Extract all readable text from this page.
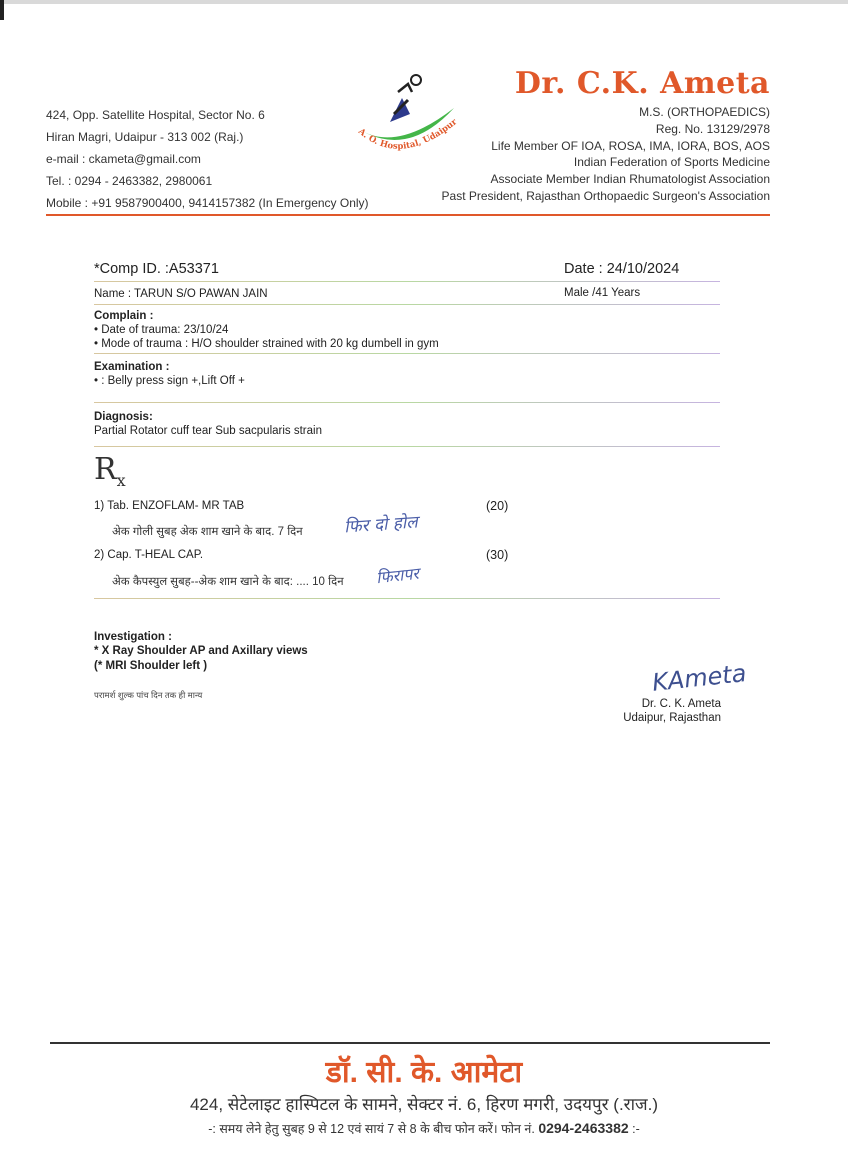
424, Opp. Satellite Hospital, Sector No. 6
Hiran Magri, Udaipur - 313 002 (Raj.)
e-mail : ckameta@gmail.com
Tel. : 0294 - 2463382, 2980061
Mobile : +91 9587900400, 9414157382 (In Emergency Only)
A. O. Hospital, Udaipur
Dr. C.K. Ameta
M.S. (ORTHOPAEDICS)
Reg. No. 13129/2978
Life Member OF IOA, ROSA, IMA, IORA, BOS, AOS
Indian Federation of Sports Medicine
Associate Member Indian Rhumatologist Association
Past President, Rajasthan Orthopaedic Surgeon's Association
*Comp ID. :A53371	Date : 24/10/2024
Name : TARUN S/O PAWAN JAIN	Male /41 Years
Complain :
• Date of trauma: 23/10/24
• Mode of trauma : H/O shoulder strained with 20 kg dumbell in gym
Examination :
• : Belly press sign +,Lift Off +
Diagnosis:
Partial Rotator cuff tear Sub sacpularis strain
$R_x$
1) Tab. ENZOFLAM- MR TAB	(20)
अेक गोली सुबह अेक शाम खाने के बाद. 7 दिन फिर दो होल
2) Cap. T-HEAL CAP.	(30)
अेक कैपस्युल सुबह--अेक शाम खाने के बाद: .... 10 दिन फिरापर
Investigation :
* X Ray Shoulder AP and Axillary views
(* MRI Shoulder left )
परामर्श शुल्क पांच दिन तक ही मान्य	KAmeta
Dr. C. K. Ameta
Udaipur, Rajasthan
डॉ. सी. के. आमेटा
424, सेटेलाइट हास्पिटल के सामने, सेक्टर नं. 6, हिरण मगरी, उदयपुर (.राज.)
-: समय लेने हेतु सुबह 9 से 12 एवं सायं 7 से 8 के बीच फोन करें। फोन नं. 0294-2463382 :-
